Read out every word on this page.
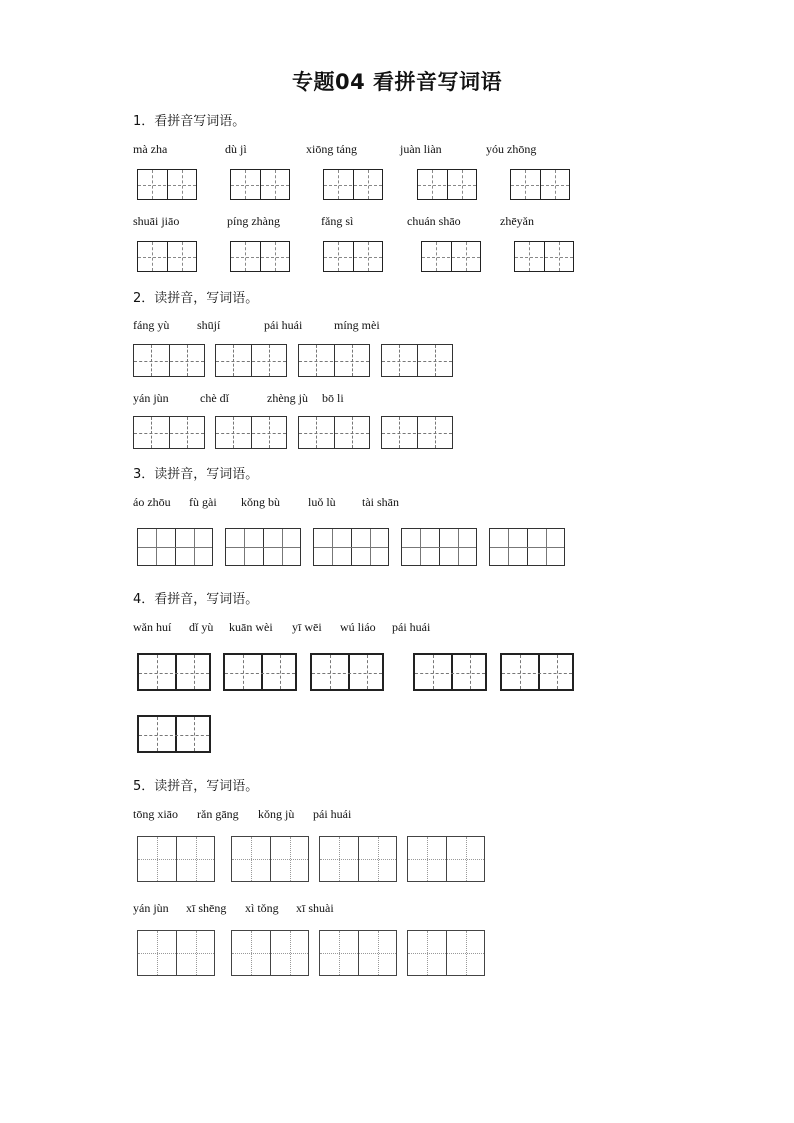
专题04 看拼音写词语
1．看拼音写词语。
2．读拼音，写词语。
3．读拼音，写词语。
4．看拼音，写词语。
5．读拼音，写词语。
mà zha	dù jì	xiōng táng	juàn liàn	yóu zhōng
shuāi jiāo	píng zhàng	fǎng sì	chuán shāo	zhēyǎn
fáng yù shūjí	pái huái	míng mèi
yán jùn	chè dǐ	zhèng jù bō li
áo zhōu fù gài kǒng bù luǒ lù tài shān
wǎn huí dǐ yù kuān wèi yī wēi wú liáo pái huái
tōng xiāo rǎn gāng kǒng jù pái huái
yán jùn xī shēng xì tǒng xī shuài
